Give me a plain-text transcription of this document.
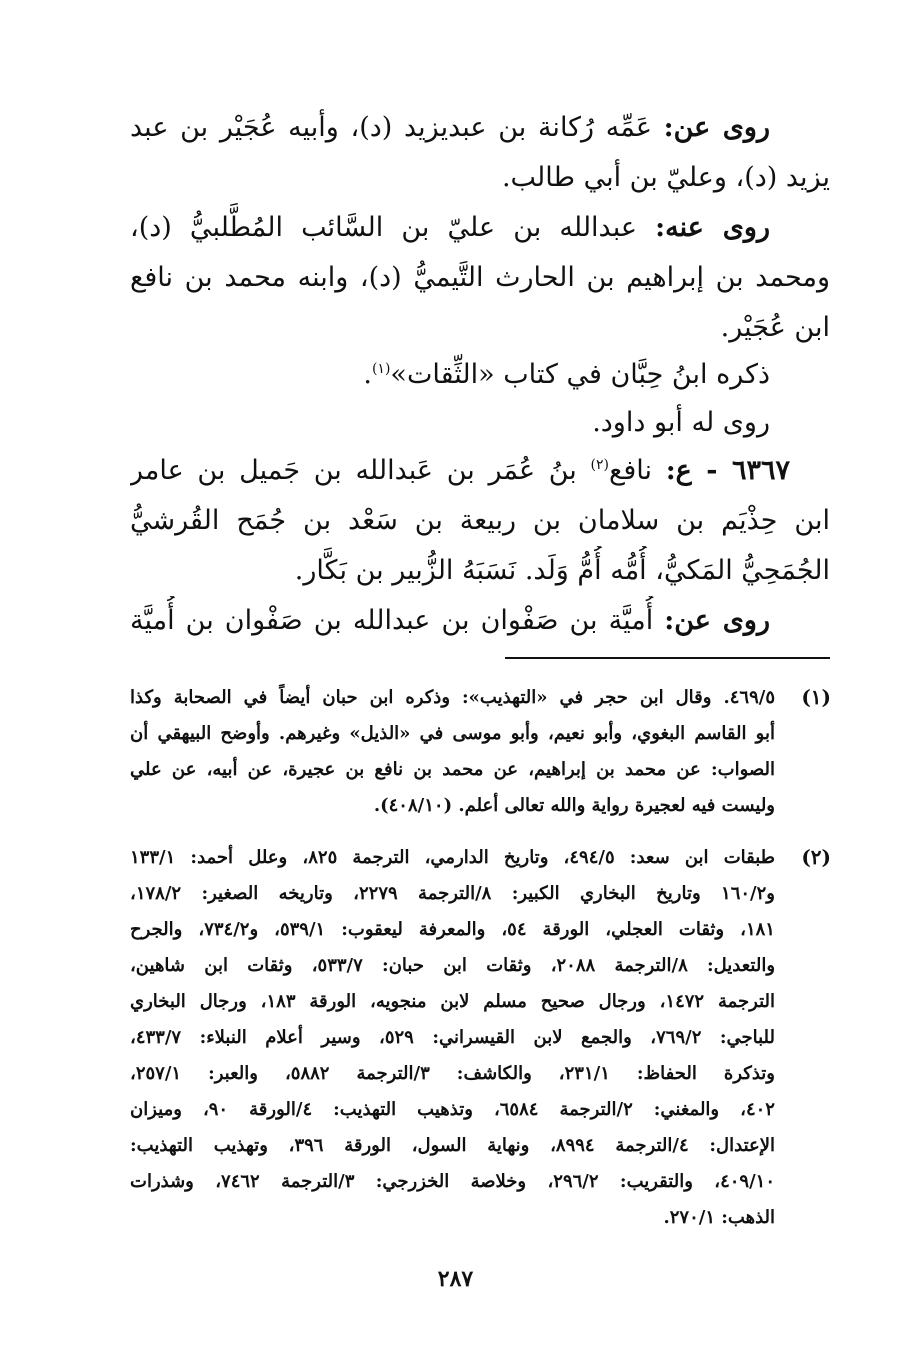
روى عن: عَمِّه رُكانة بن عبديزيد (د)، وأبيه عُجَيْر بن عبد
يزيد (د)، وعليّ بن أبي طالب.
روى عنه: عبدالله بن عليّ بن السَّائب المُطَّلبيُّ (د)،
ومحمد بن إبراهيم بن الحارث التَّيميُّ (د)، وابنه محمد بن نافع
ابن عُجَيْر.
ذكره ابنُ حِبَّان في كتاب «الثِّقات»$^{(١)}$.
روى له أبو داود.
٦٣٦٧ - ع: نافع$^{(٢)}$ بنُ عُمَر بن عَبدالله بن جَميل بن عامر
ابن حِذْيَم بن سلامان بن ربيعة بن سَعْد بن جُمَح القُرشيُّ
الجُمَحِيُّ المَكيُّ، أُمُّه أُمُّ وَلَد. نَسَبَهُ الزُّبير بن بَكَّار.
روى عن: أُميَّة بن صَفْوان بن عبدالله بن صَفْوان بن أُميَّة
(١)
٤٦٩/٥. وقال ابن حجر في «التهذيب»: وذكره ابن حبان أيضاً في الصحابة وكذا
أبو القاسم البغوي، وأبو نعيم، وأبو موسى في «الذيل» وغيرهم. وأوضح البيهقي أن
الصواب: عن محمد بن إبراهيم، عن محمد بن نافع بن عجيرة، عن أبيه، عن علي
وليست فيه لعجيرة رواية والله تعالى أعلم. (٤٠٨/١٠).
(٢)
طبقات ابن سعد: ٤٩٤/٥، وتاريخ الدارمي، الترجمة ٨٢٥، وعلل أحمد: ١٣٣/١
و١٦٠/٢ وتاريخ البخاري الكبير: ٨/الترجمة ٢٢٧٩، وتاريخه الصغير: ١٧٨/٢،
١٨١، وثقات العجلي، الورقة ٥٤، والمعرفة ليعقوب: ٥٣٩/١، و٧٣٤/٢، والجرح
والتعديل: ٨/الترجمة ٢٠٨٨، وثقات ابن حبان: ٥٣٣/٧، وثقات ابن شاهين،
الترجمة ١٤٧٢، ورجال صحيح مسلم لابن منجويه، الورقة ١٨٣، ورجال البخاري
للباجي: ٧٦٩/٢، والجمع لابن القيسراني: ٥٢٩، وسير أعلام النبلاء: ٤٣٣/٧،
وتذكرة الحفاظ: ٢٣١/١، والكاشف: ٣/الترجمة ٥٨٨٢، والعبر: ٢٥٧/١،
٤٠٢، والمغني: ٢/الترجمة ٦٥٨٤، وتذهيب التهذيب: ٤/الورقة ٩٠، وميزان
الإعتدال: ٤/الترجمة ٨٩٩٤، ونهاية السول، الورقة ٣٩٦، وتهذيب التهذيب:
٤٠٩/١٠، والتقريب: ٢٩٦/٢، وخلاصة الخزرجي: ٣/الترجمة ٧٤٦٢، وشذرات
الذهب: ٢٧٠/١.
٢٨٧
